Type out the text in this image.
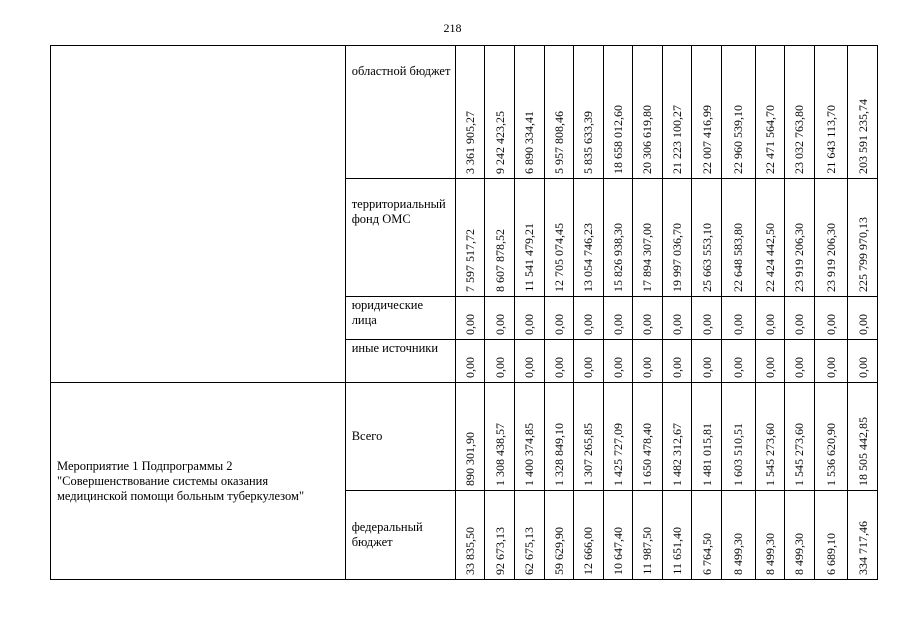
218

	областной бюджет	3 361 905,27	9 242 423,25	6 890 334,41	5 957 808,46	5 835 633,39	18 658 012,60	20 306 619,80	21 223 100,27	22 007 416,99	22 960 539,10	22 471 564,70	23 032 763,80	21 643 113,70	203 591 235,74

	территориальный фонд ОМС	7 597 517,72	8 607 878,52	11 541 479,21	12 705 074,45	13 054 746,23	15 826 938,30	17 894 307,00	19 997 036,70	25 663 553,10	22 648 583,80	22 424 442,50	23 919 206,30	23 919 206,30	225 799 970,13

	юридические лица	0,00	0,00	0,00	0,00	0,00	0,00	0,00	0,00	0,00	0,00	0,00	0,00	0,00	0,00

	иные источники	0,00	0,00	0,00	0,00	0,00	0,00	0,00	0,00	0,00	0,00	0,00	0,00	0,00	0,00

Мероприятие 1 Подпрограммы 2 "Совершенствование системы оказания медицинской помощи больным туберкулезом"	Всего	890 301,90	1 308 438,57	1 400 374,85	1 328 849,10	1 307 265,85	1 425 727,09	1 650 478,40	1 482 312,67	1 481 015,81	1 603 510,51	1 545 273,60	1 545 273,60	1 536 620,90	18 505 442,85

	федеральный бюджет	33 835,50	92 673,13	62 675,13	59 629,90	12 666,00	10 647,40	11 987,50	11 651,40	6 764,50	8 499,30	8 499,30	8 499,30	6 689,10	334 717,46
